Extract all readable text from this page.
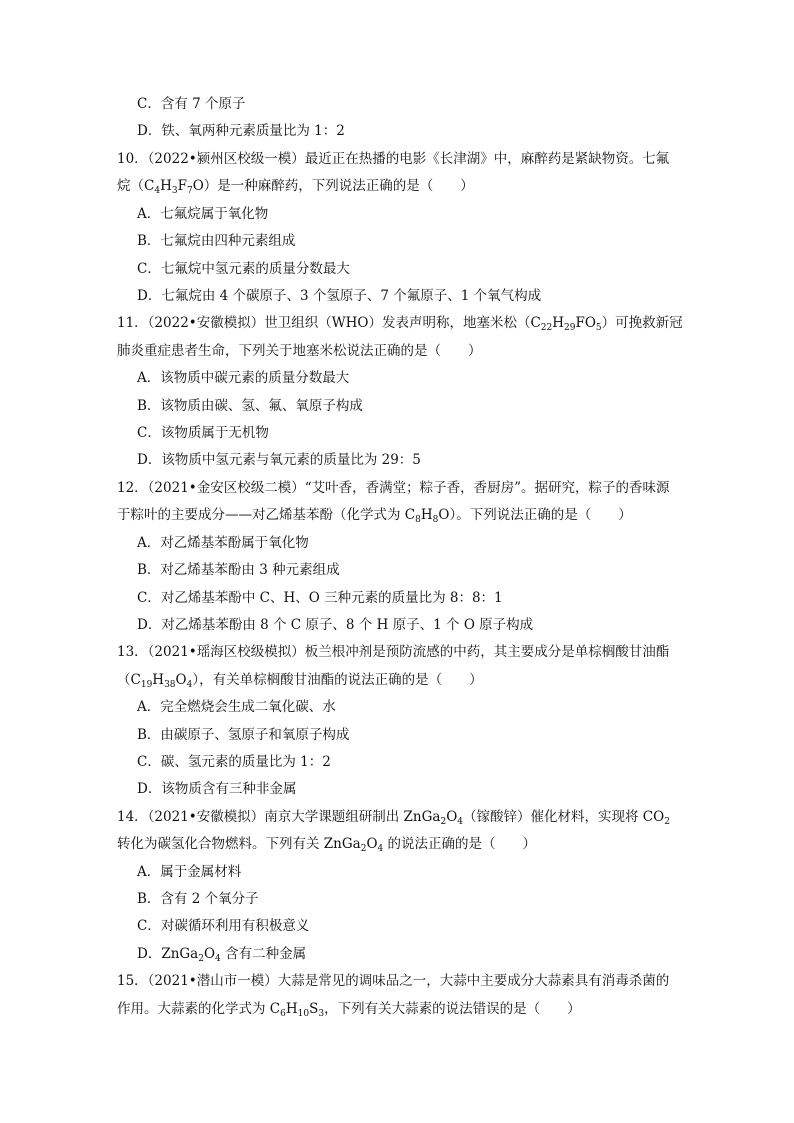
C．含有 7 个原子
D．铁、氧两种元素质量比为 1：2
10．（2022•颍州区校级一模）最近正在热播的电影《长津湖》中，麻醉药是紧缺物资。七氟
烷$(C_4H_3F_7O)$是一种麻醉药，下列说法正确的是（　　）
A．七氟烷属于氧化物
B．七氟烷由四种元素组成
C．七氟烷中氢元素的质量分数最大
D．七氟烷由 4 个碳原子、3 个氢原子、7 个氟原子、1 个氧气构成
11．（2022•安徽模拟）世卫组织（WHO）发表声明称，地塞米松$(C_{22}H_{29}FO_5)$可挽救新冠
肺炎重症患者生命，下列关于地塞米松说法正确的是（　　）
A．该物质中碳元素的质量分数最大
B．该物质由碳、氢、氟、氧原子构成
C．该物质属于无机物
D．该物质中氢元素与氧元素的质量比为 29：5
12．（2021•金安区校级二模）“艾叶香，香满堂；粽子香，香厨房”。据研究，粽子的香味源
于粽叶的主要成分——对乙烯基苯酚（化学式为 $C_8H_8O$）。下列说法正确的是（　　）
A．对乙烯基苯酚属于氧化物
B．对乙烯基苯酚由 3 种元素组成
C．对乙烯基苯酚中 C、H、O 三种元素的质量比为 8：8：1
D．对乙烯基苯酚由 8 个 C 原子、8 个 H 原子、1 个 O 原子构成
13．（2021•瑶海区校级模拟）板兰根冲剂是预防流感的中药，其主要成分是单棕榈酸甘油酯
$(C_{19}H_{38}O_4)$，有关单棕榈酸甘油酯的说法正确的是（　　）
A．完全燃烧会生成二氧化碳、水
B．由碳原子、氢原子和氧原子构成
C．碳、氢元素的质量比为 1：2
D．该物质含有三种非金属
14．（2021•安徽模拟）南京大学课题组研制出 $ZnGa_2O_4$（镓酸锌）催化材料，实现将 $CO_2$
转化为碳氢化合物燃料。下列有关 $ZnGa_2O_4$ 的说法正确的是（　　）
A．属于金属材料
B．含有 2 个氧分子
C．对碳循环利用有积极意义
D．$ZnGa_2O_4$ 含有二种金属
15．（2021•潜山市一模）大蒜是常见的调味品之一，大蒜中主要成分大蒜素具有消毒杀菌的
作用。大蒜素的化学式为 $C_6H_{10}S_3$，下列有关大蒜素的说法错误的是（　　）
